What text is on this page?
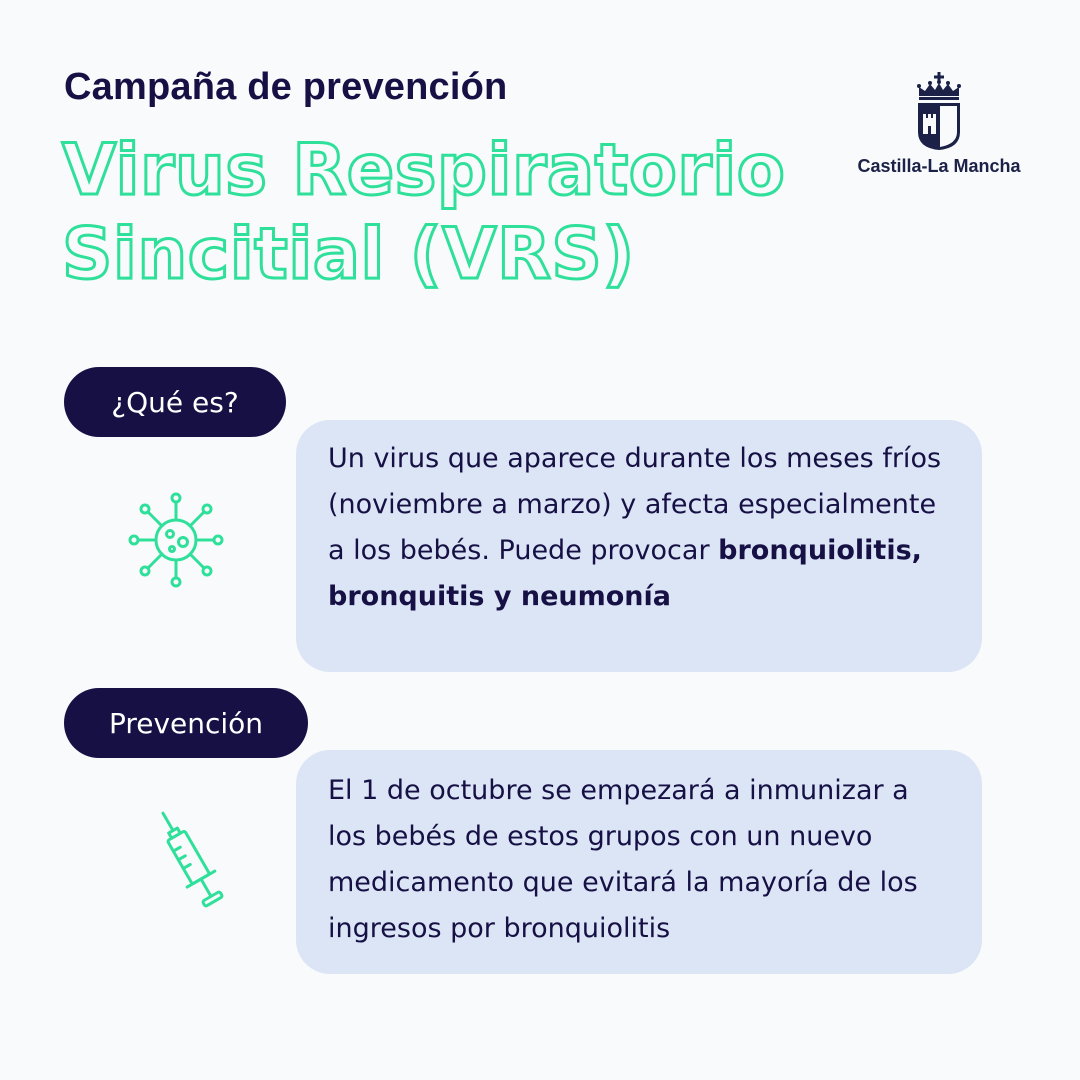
Campaña de prevención
Virus Respiratorio
Sincitial (VRS)
Castilla-La Mancha
¿Qué es?
Un virus que aparece durante los meses fríos (noviembre a marzo) y afecta especialmente a los bebés. Puede provocar bronquiolitis, bronquitis y neumonía
Prevención
El 1 de octubre se empezará a inmunizar a los bebés de estos grupos con un nuevo medicamento que evitará la mayoría de los ingresos por bronquiolitis
